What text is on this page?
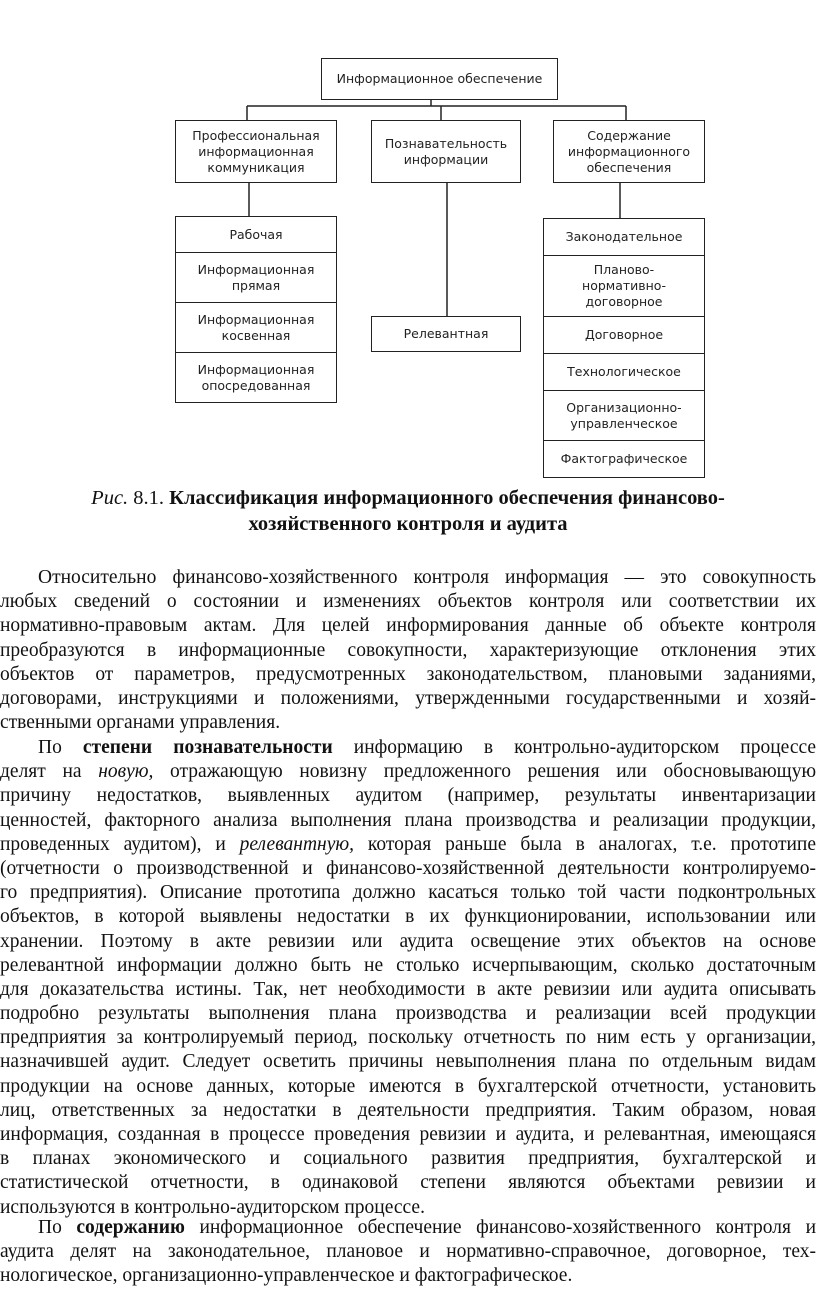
Информационное обеспечение
Профессиональная
информационная
коммуникация
Познавательность
информации
Содержание
информационного
обеспечения
Рабочая
Информационная
прямая
Информационная
косвенная
Информационная
опосредованная
Релевантная
Законодательное
Планово-
нормативно-
договорное
Договорное
Технологическое
Организационно-
управленческое
Фактографическое
Рис. 8.1. Классификация информационного обеспечения финансово-
хозяйственного контроля и аудита
Относительно финансово-хозяйственного контроля информация — это совокупность
любых сведений о состоянии и изменениях объектов контроля или соответствии их
нормативно-правовым актам. Для целей информирования данные об объекте контроля
преобразуются в информационные совокупности, характеризующие отклонения этих
объектов от параметров, предусмотренных законодательством, плановыми заданиями,
договорами, инструкциями и положениями, утвержденными государственными и хозяй-
ственными органами управления.
По степени познавательности информацию в контрольно-аудиторском процессе
делят на новую, отражающую новизну предложенного решения или обосновывающую
причину недостатков, выявленных аудитом (например, результаты инвентаризации
ценностей, факторного анализа выполнения плана производства и реализации продукции,
проведенных аудитом), и релевантную, которая раньше была в аналогах, т.е. прототипе
(отчетности о производственной и финансово-хозяйственной деятельности контролируемо-
го предприятия). Описание прототипа должно касаться только той части подконтрольных
объектов, в которой выявлены недостатки в их функционировании, использовании или
хранении. Поэтому в акте ревизии или аудита освещение этих объектов на основе
релевантной информации должно быть не столько исчерпывающим, сколько достаточным
для доказательства истины. Так, нет необходимости в акте ревизии или аудита описывать
подробно результаты выполнения плана производства и реализации всей продукции
предприятия за контролируемый период, поскольку отчетность по ним есть у организации,
назначившей аудит. Следует осветить причины невыполнения плана по отдельным видам
продукции на основе данных, которые имеются в бухгалтерской отчетности, установить
лиц, ответственных за недостатки в деятельности предприятия. Таким образом, новая
информация, созданная в процессе проведения ревизии и аудита, и релевантная, имеющаяся
в планах экономического и социального развития предприятия, бухгалтерской и
статистической отчетности, в одинаковой степени являются объектами ревизии и
используются в контрольно-аудиторском процессе.
По содержанию информационное обеспечение финансово-хозяйственного контроля и
аудита делят на законодательное, плановое и нормативно-справочное, договорное, тех-
нологическое, организационно-управленческое и фактографическое.
